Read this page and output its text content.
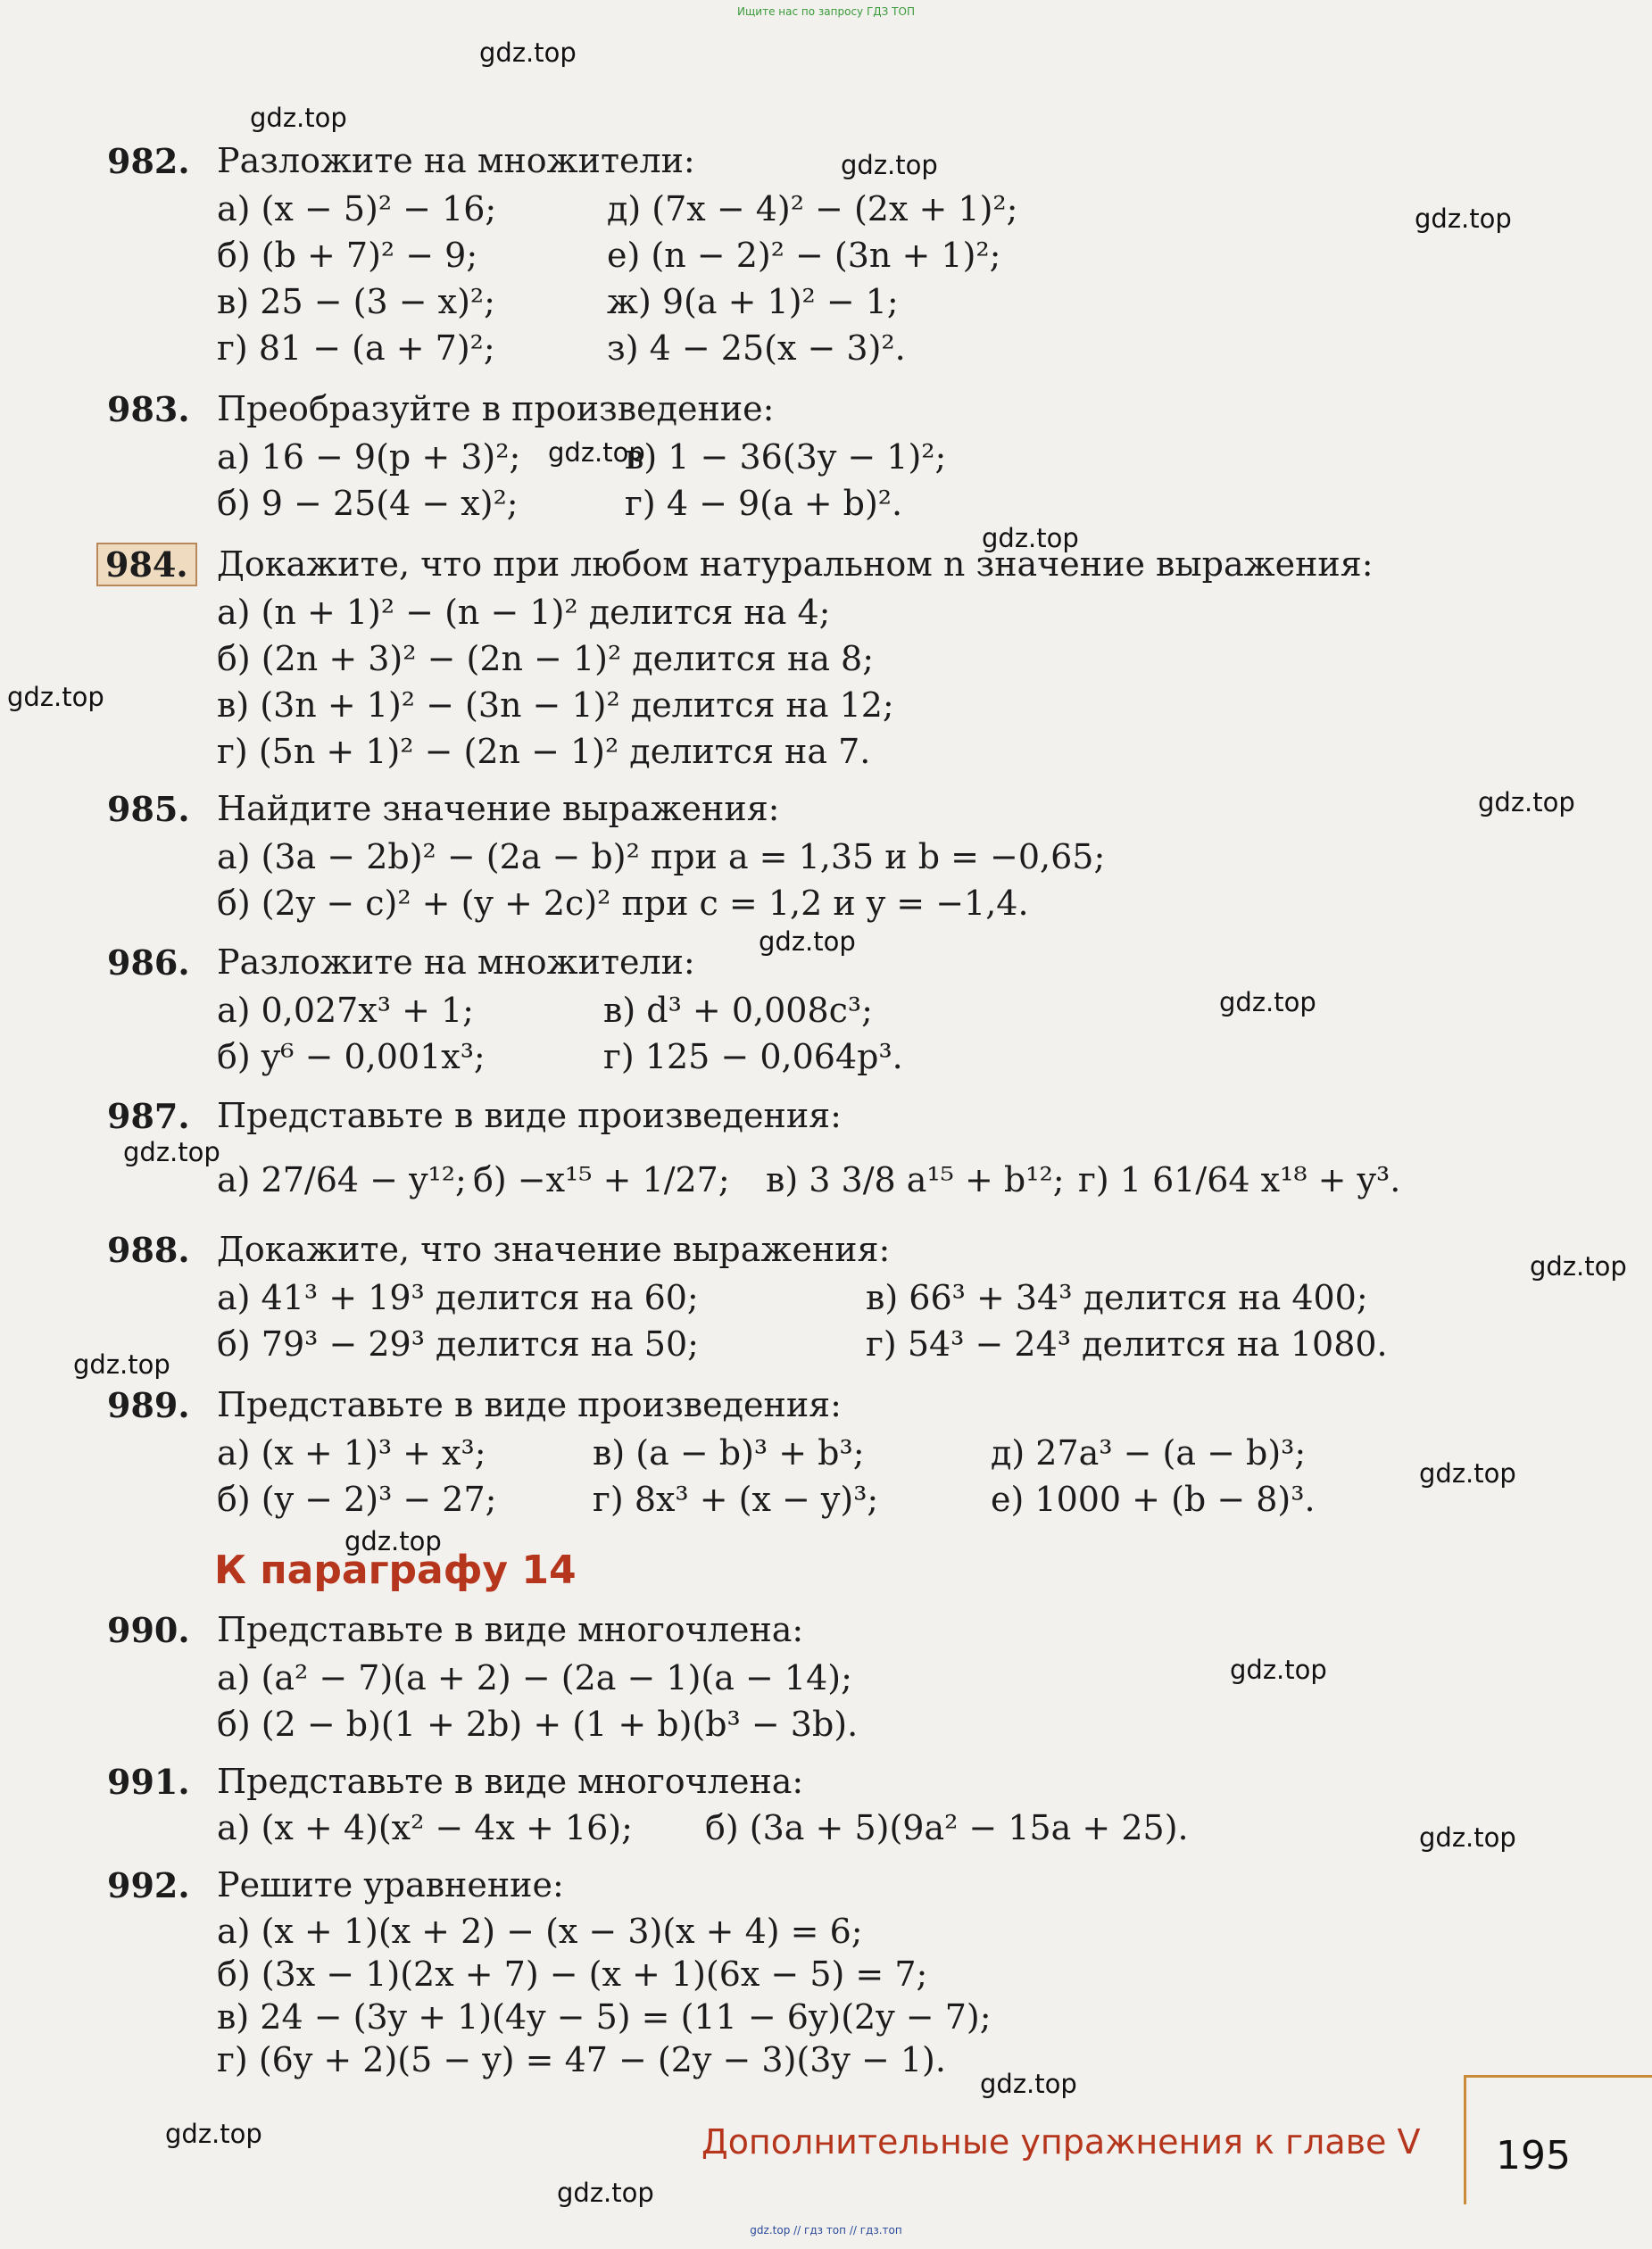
Ищите нас по запросу ГДЗ ТОП
gdz.top
gdz.top
gdz.top
gdz.top
gdz.top
gdz.top
gdz.top
gdz.top
gdz.top
gdz.top
gdz.top
gdz.top
gdz.top
gdz.top
gdz.top
gdz.top
gdz.top
gdz.top
gdz.top
gdz.top
982. Разложите на множители:
а) (x − 5)² − 16;	д) (7x − 4)² − (2x + 1)²;
б) (b + 7)² − 9;	е) (n − 2)² − (3n + 1)²;
в) 25 − (3 − x)²;	ж) 9(a + 1)² − 1;
г) 81 − (a + 7)²;	з) 4 − 25(x − 3)².
983. Преобразуйте в произведение:
а) 16 − 9(p + 3)²;	в) 1 − 36(3y − 1)²;
б) 9 − 25(4 − x)²;	г) 4 − 9(a + b)².
984. Докажите, что при любом натуральном n значение выражения:
а) (n + 1)² − (n − 1)² делится на 4;
б) (2n + 3)² − (2n − 1)² делится на 8;
в) (3n + 1)² − (3n − 1)² делится на 12;
г) (5n + 1)² − (2n − 1)² делится на 7.
985. Найдите значение выражения:
а) (3a − 2b)² − (2a − b)² при a = 1,35 и b = −0,65;
б) (2y − c)² + (y + 2c)² при c = 1,2 и y = −1,4.
986. Разложите на множители:
а) 0,027x³ + 1;	в) d³ + 0,008c³;
б) y⁶ − 0,001x³;	г) 125 − 0,064p³.
987. Представьте в виде произведения:
а) 27/64 − y¹²; б) −x¹⁵ + 1/27; в) 3 3/8 a¹⁵ + b¹²; г) 1 61/64 x¹⁸ + y³.
988. Докажите, что значение выражения:
а) 41³ + 19³ делится на 60;	в) 66³ + 34³ делится на 400;
б) 79³ − 29³ делится на 50;	г) 54³ − 24³ делится на 1080.
989. Представьте в виде произведения:
а) (x + 1)³ + x³;	в) (a − b)³ + b³;	д) 27a³ − (a − b)³;
б) (y − 2)³ − 27;	г) 8x³ + (x − y)³;	е) 1000 + (b − 8)³.
К параграфу 14
990. Представьте в виде многочлена:
а) (a² − 7)(a + 2) − (2a − 1)(a − 14);
б) (2 − b)(1 + 2b) + (1 + b)(b³ − 3b).
991. Представьте в виде многочлена:
а) (x + 4)(x² − 4x + 16); б) (3a + 5)(9a² − 15a + 25).
992. Решите уравнение:
а) (x + 1)(x + 2) − (x − 3)(x + 4) = 6;
б) (3x − 1)(2x + 7) − (x + 1)(6x − 5) = 7;
в) 24 − (3y + 1)(4y − 5) = (11 − 6y)(2y − 7);
г) (6y + 2)(5 − y) = 47 − (2y − 3)(3y − 1).
Дополнительные упражнения к главе V 195
gdz.top // гдз топ // гдз.топ
